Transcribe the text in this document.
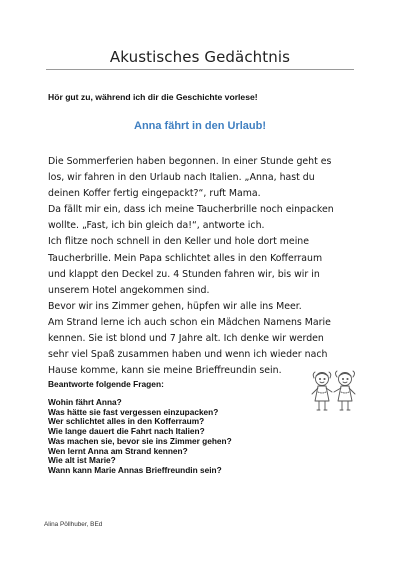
Akustisches Gedächtnis
Hör gut zu, während ich dir die Geschichte vorlese!
Anna fährt in den Urlaub!
Die Sommerferien haben begonnen. In einer Stunde geht es
los, wir fahren in den Urlaub nach Italien. „Anna, hast du
deinen Koffer fertig eingepackt?“, ruft Mama.
Da fällt mir ein, dass ich meine Taucherbrille noch einpacken
wollte. „Fast, ich bin gleich da!“, antworte ich.
Ich flitze noch schnell in den Keller und hole dort meine
Taucherbrille. Mein Papa schlichtet alles in den Kofferraum
und klappt den Deckel zu. 4 Stunden fahren wir, bis wir in
unserem Hotel angekommen sind.
Bevor wir ins Zimmer gehen, hüpfen wir alle ins Meer.
Am Strand lerne ich auch schon ein Mädchen Namens Marie
kennen. Sie ist blond und 7 Jahre alt. Ich denke wir werden
sehr viel Spaß zusammen haben und wenn ich wieder nach
Hause komme, kann sie meine Brieffreundin sein.
Beantworte folgende Fragen:
Wohin fährt Anna?
Was hätte sie fast vergessen einzupacken?
Wer schlichtet alles in den Kofferraum?
Wie lange dauert die Fahrt nach Italien?
Was machen sie, bevor sie ins Zimmer gehen?
Wen lernt Anna am Strand kennen?
Wie alt ist Marie?
Wann kann Marie Annas Brieffreundin sein?
Alina Pöllhuber, BEd
